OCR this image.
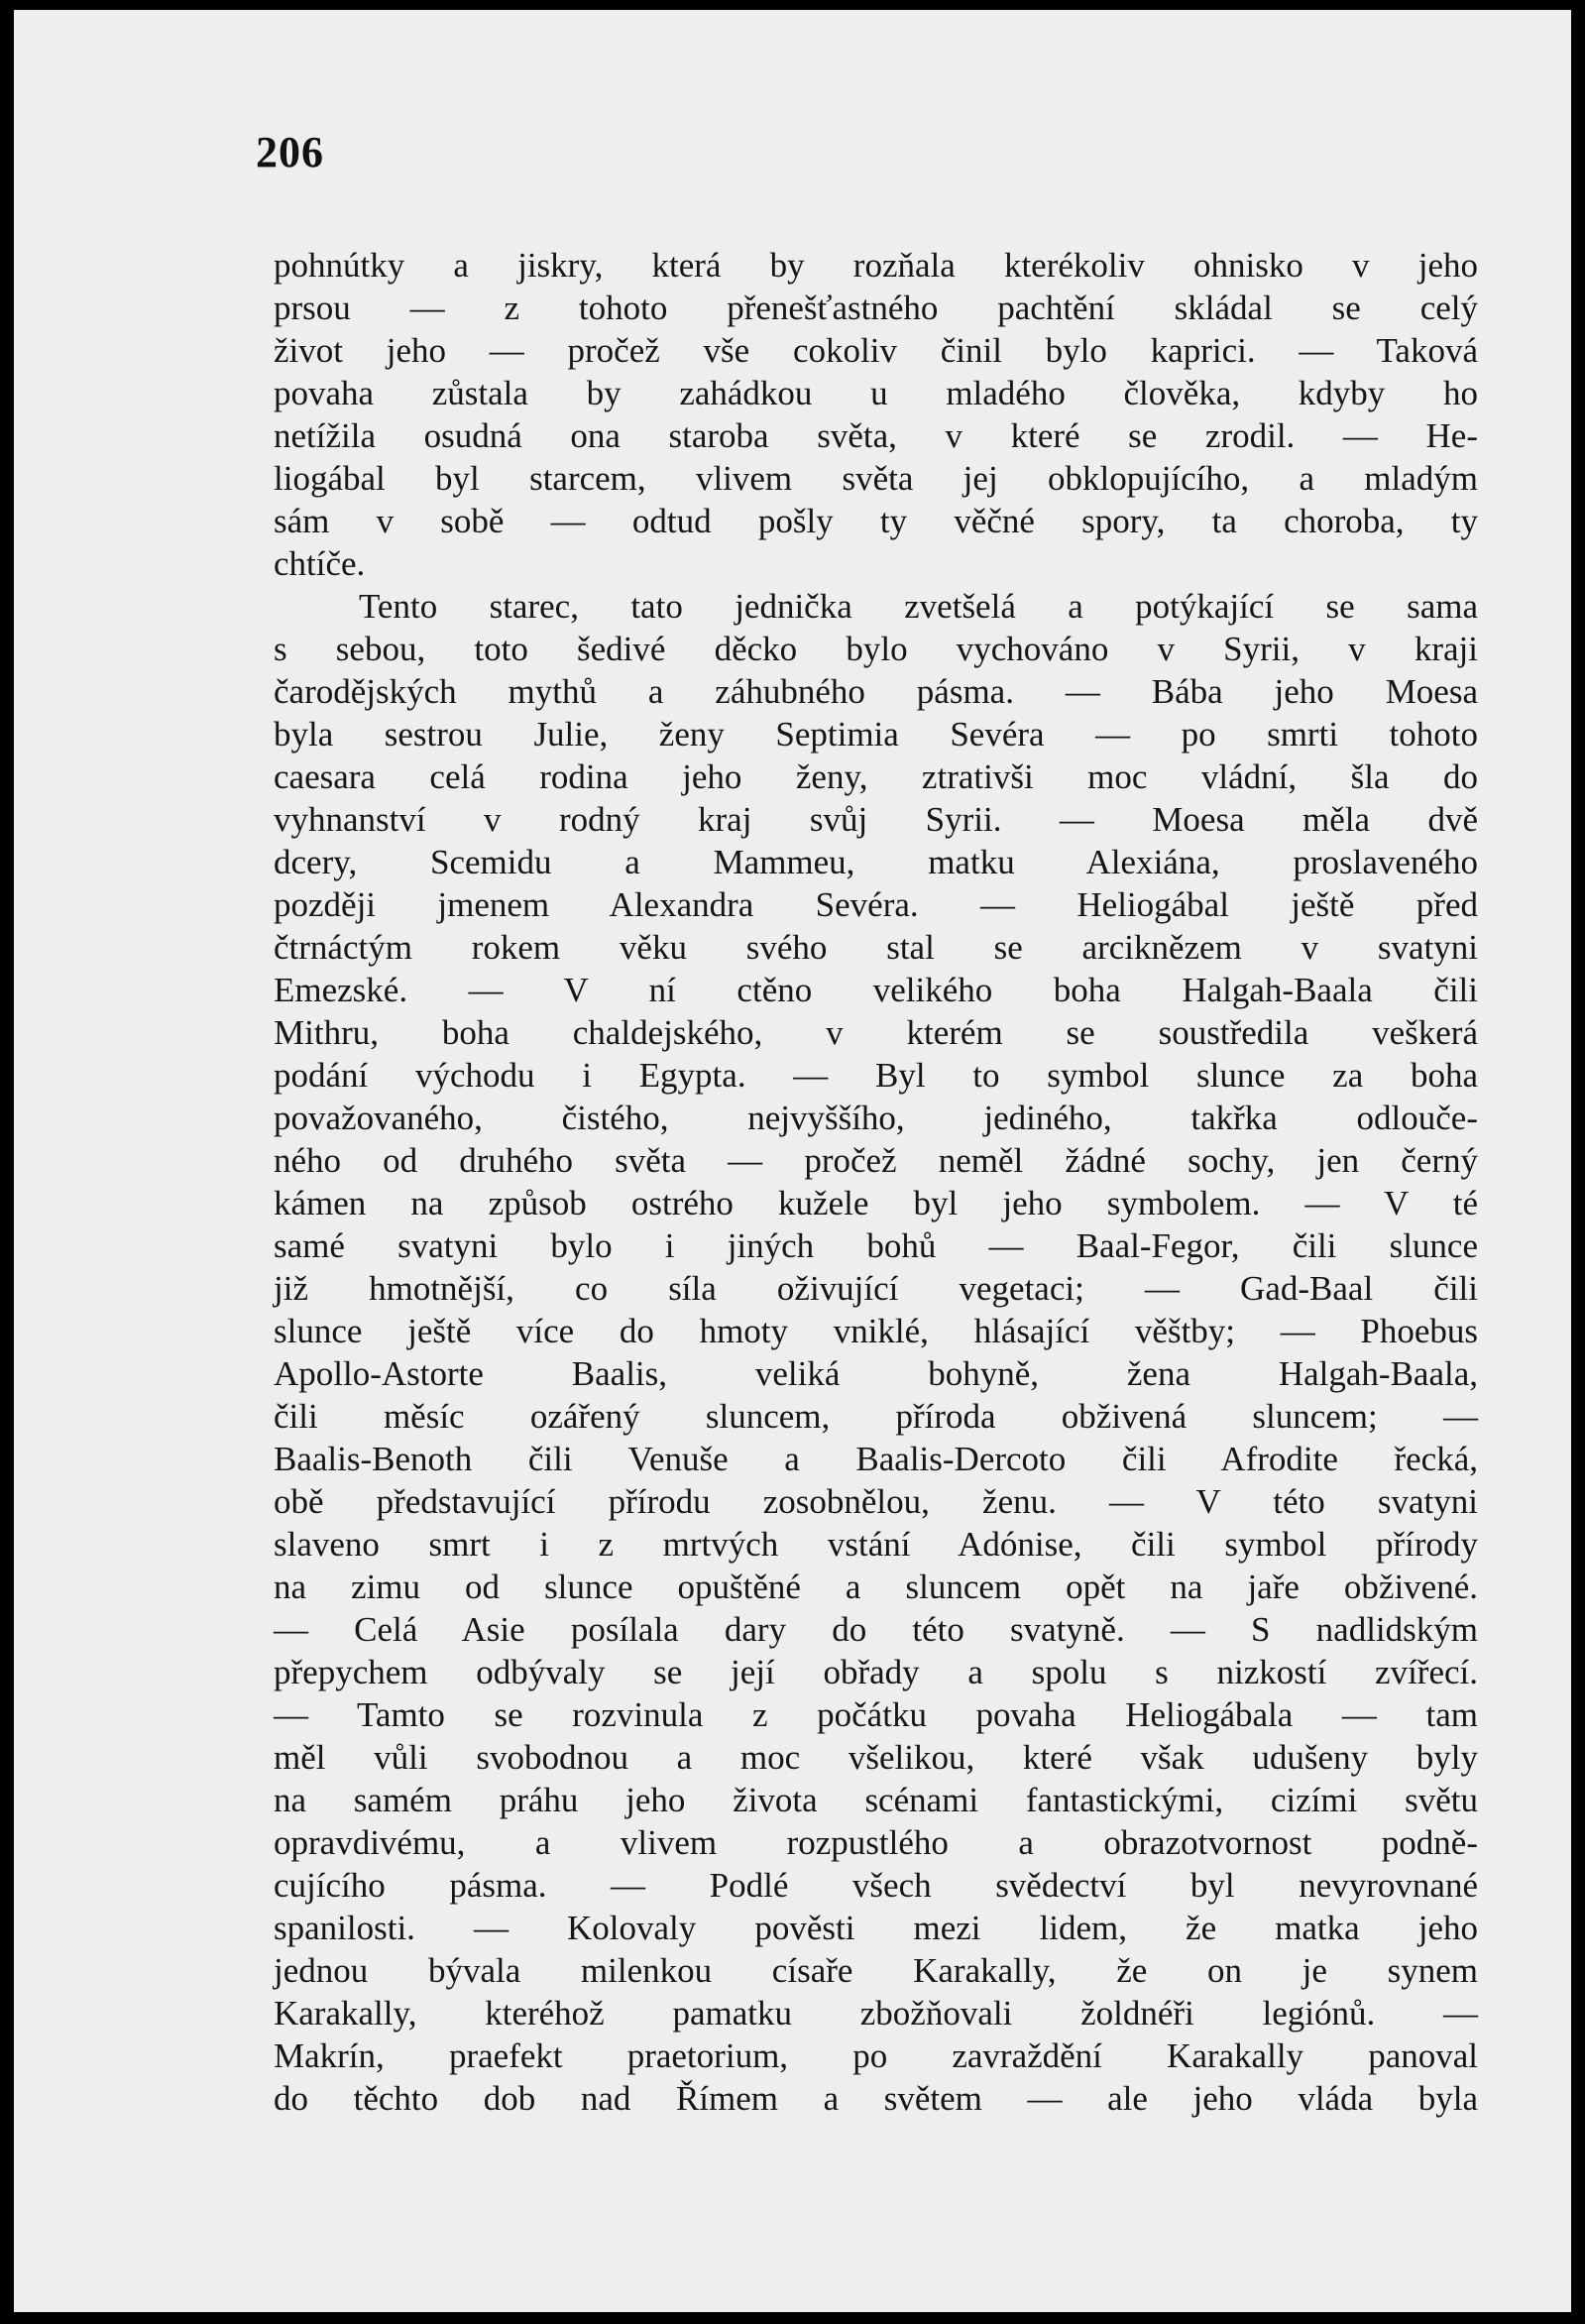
206
pohnútky a jiskry, která by rozňala kterékoliv ohnisko v jeho
prsou — z tohoto přenešťastného pachtění skládal se celý
život jeho — pročež vše cokoliv činil bylo kaprici. — Taková
povaha zůstala by zahádkou u mladého člověka, kdyby ho
netížila osudná ona staroba světa, v které se zrodil. — He-
liogábal byl starcem, vlivem světa jej obklopujícího, a mladým
sám v sobě — odtud pošly ty věčné spory, ta choroba, ty
chtíče.
Tento starec, tato jednička zvetšelá a potýkající se sama
s sebou, toto šedivé děcko bylo vychováno v Syrii, v kraji
čarodějských mythů a záhubného pásma. — Bába jeho Moesa
byla sestrou Julie, ženy Septimia Sevéra — po smrti tohoto
caesara celá rodina jeho ženy, ztrativši moc vládní, šla do
vyhnanství v rodný kraj svůj Syrii. — Moesa měla dvě
dcery, Scemidu a Mammeu, matku Alexiána, proslaveného
později jmenem Alexandra Sevéra. — Heliogábal ještě před
čtrnáctým rokem věku svého stal se arciknězem v svatyni
Emezské. — V ní ctěno velikého boha Halgah-Baala čili
Mithru, boha chaldejského, v kterém se soustředila veškerá
podání východu i Egypta. — Byl to symbol slunce za boha
považovaného, čistého, nejvyššího, jediného, takřka odlouče-
ného od druhého světa — pročež neměl žádné sochy, jen černý
kámen na způsob ostrého kužele byl jeho symbolem. — V té
samé svatyni bylo i jiných bohů — Baal-Fegor, čili slunce
již hmotnější, co síla oživující vegetaci; — Gad-Baal čili
slunce ještě více do hmoty vniklé, hlásající věštby; — Phoebus
Apollo-Astorte Baalis, veliká bohyně, žena Halgah-Baala,
čili měsíc ozářený sluncem, příroda obživená sluncem; —
Baalis-Benoth čili Venuše a Baalis-Dercoto čili Afrodite řecká,
obě představující přírodu zosobnělou, ženu. — V této svatyni
slaveno smrt i z mrtvých vstání Adónise, čili symbol přírody
na zimu od slunce opuštěné a sluncem opět na jaře obživené.
— Celá Asie posílala dary do této svatyně. — S nadlidským
přepychem odbývaly se její obřady a spolu s nizkostí zvířecí.
— Tamto se rozvinula z počátku povaha Heliogábala — tam
měl vůli svobodnou a moc všelikou, které však udušeny byly
na samém práhu jeho života scénami fantastickými, cizími světu
opravdivému, a vlivem rozpustlého a obrazotvornost podně-
cujícího pásma. — Podlé všech svědectví byl nevyrovnané
spanilosti. — Kolovaly pověsti mezi lidem, že matka jeho
jednou bývala milenkou císaře Karakally, že on je synem
Karakally, kteréhož pamatku zbožňovali žoldnéři legiónů. —
Makrín, praefekt praetorium, po zavraždění Karakally panoval
do těchto dob nad Římem a světem — ale jeho vláda byla
